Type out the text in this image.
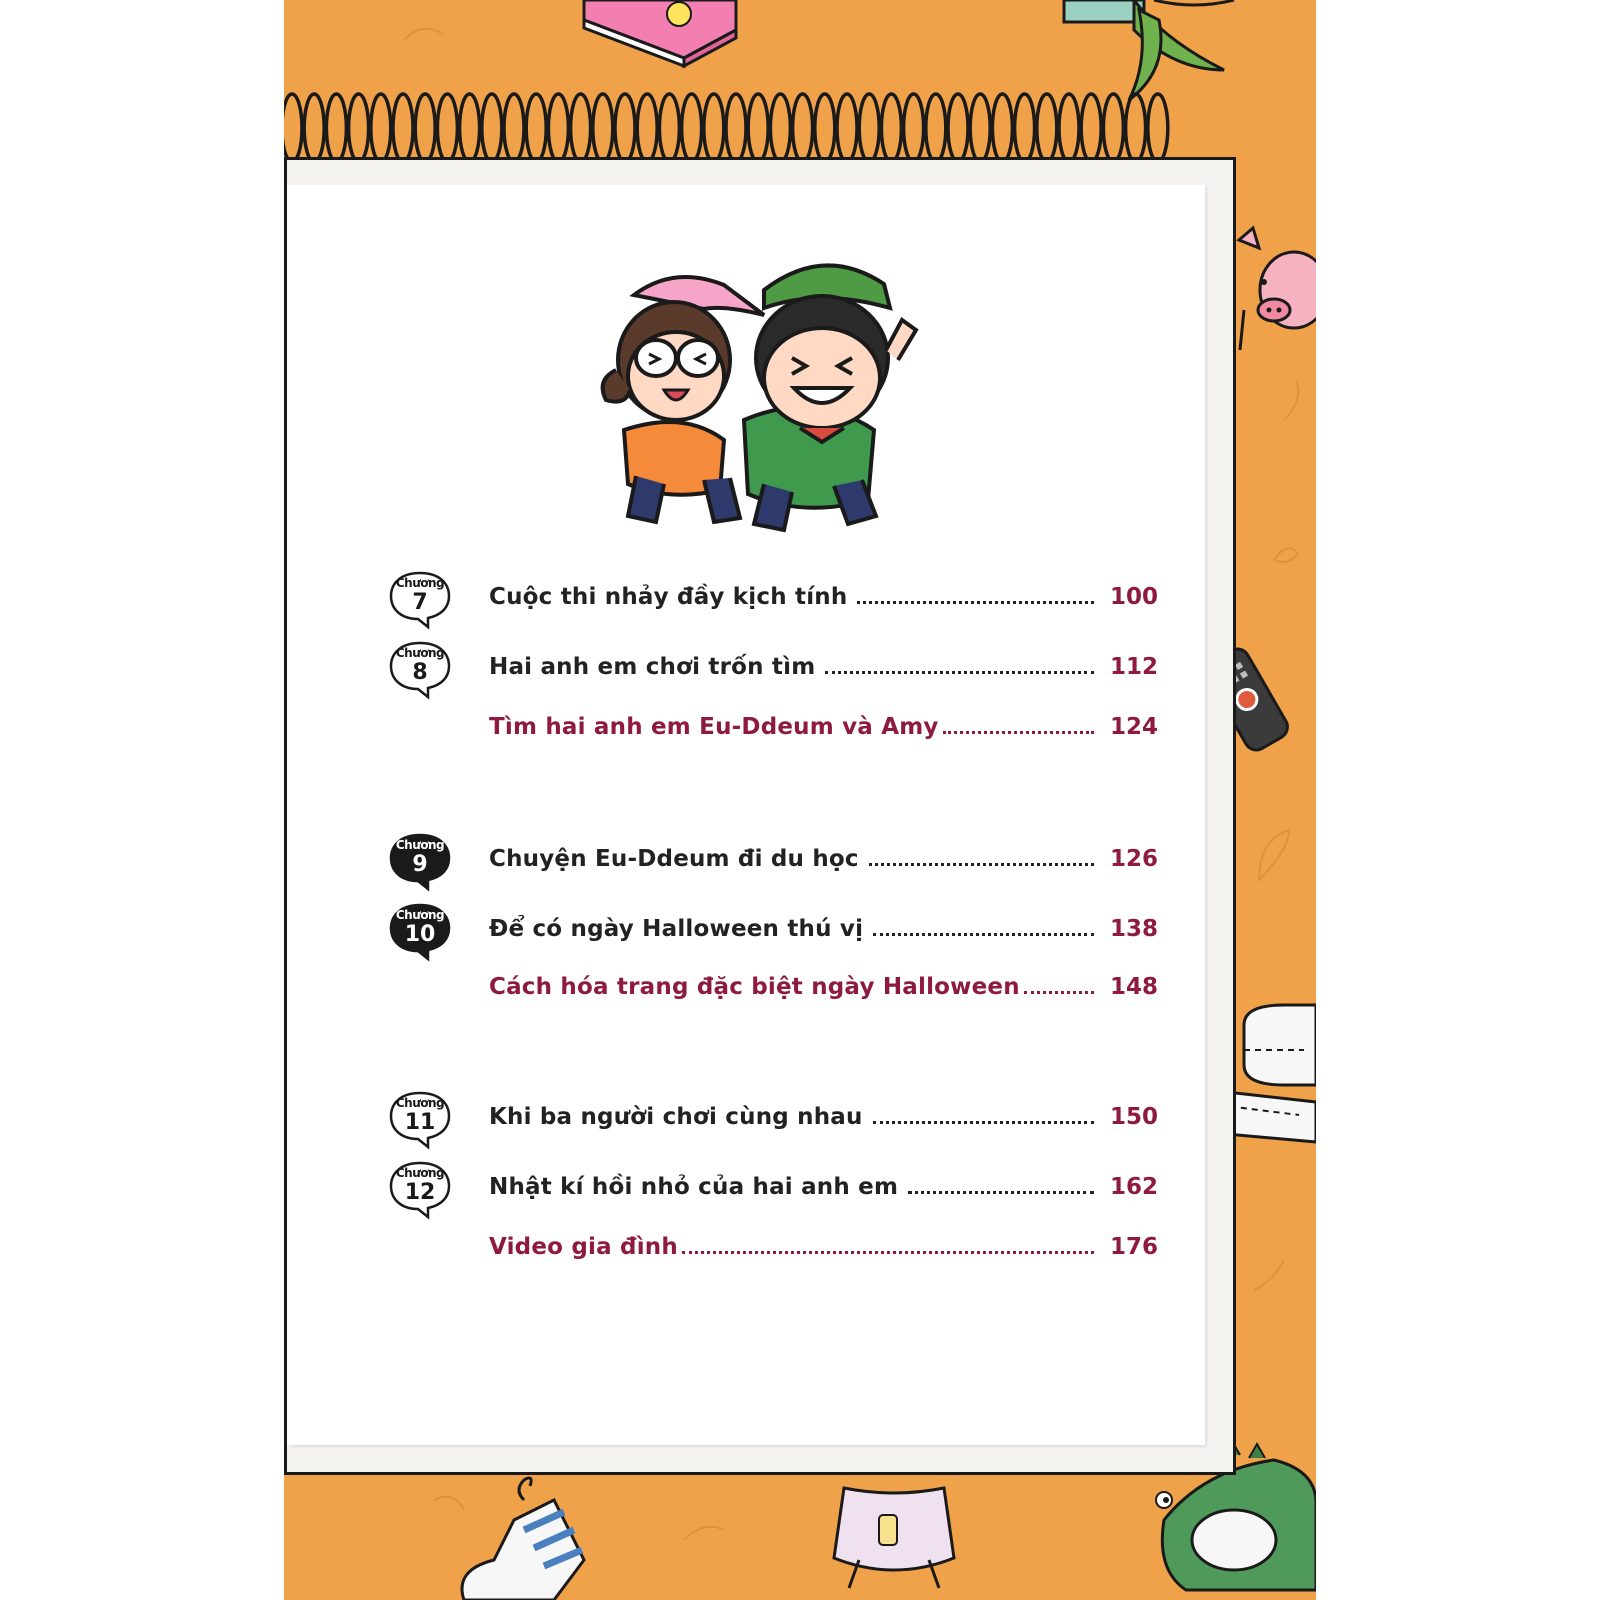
Chương
7	Cuộc thi nhảy đầy kịch tính	100
Chương
8	Hai anh em chơi trốn tìm	112
Tìm hai anh em Eu-Ddeum và Amy	124
Chương
9	Chuyện Eu-Ddeum đi du học	126
Chương
10	Để có ngày Halloween thú vị	138
Cách hóa trang đặc biệt ngày Halloween	148
Chương
11	Khi ba người chơi cùng nhau	150
Chương
12	Nhật kí hồi nhỏ của hai anh em	162
Video gia đình	176
